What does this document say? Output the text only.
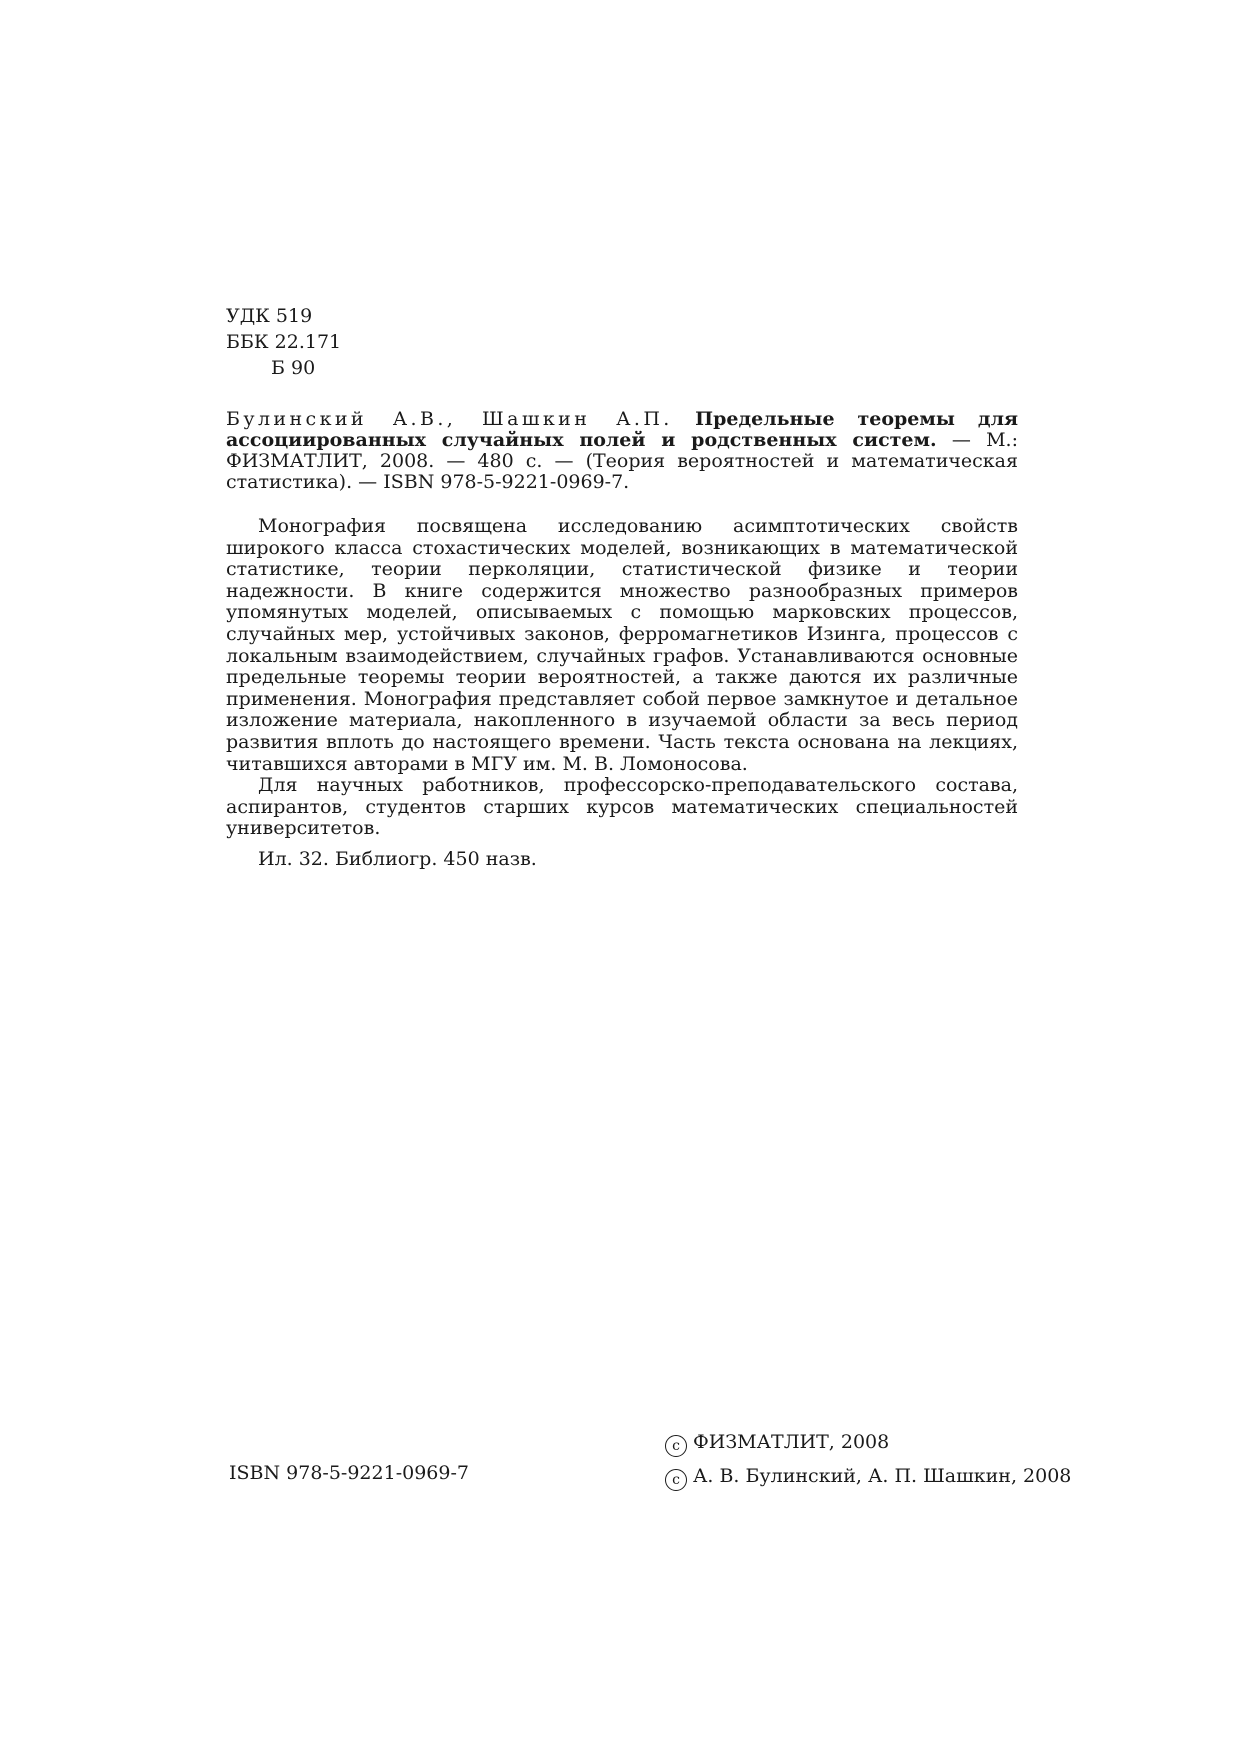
УДК 519
ББК 22.171
Б 90
Булинский А.В., Шашкин А.П. Предельные теоремы для ассоциированных случайных полей и родственных систем. — М.: ФИЗМАТЛИТ, 2008. — 480 с. — (Теория вероятностей и математическая статистика). — ISBN 978-5-9221-0969-7.

Монография посвящена исследованию асимптотических свойств широкого класса стохастических моделей, возникающих в математической статистике, теории перколяции, статистической физике и теории надежности. В книге содержится множество разнообразных примеров упомянутых моделей, описываемых с помощью марковских процессов, случайных мер, устойчивых законов, ферромагнетиков Изинга, процессов с локальным взаимодействием, случайных графов. Устанавливаются основные предельные теоремы теории вероятностей, а также даются их различные применения. Монография представляет собой первое замкнутое и детальное изложение материала, накопленного в изучаемой области за весь период развития вплоть до настоящего времени. Часть текста основана на лекциях, читавшихся авторами в МГУ им. М. В. Ломоносова.

Для научных работников, профессорско-преподавательского состава, аспирантов, студентов старших курсов математических специальностей университетов.

Ил. 32. Библиогр. 450 назв.

ISBN 978-5-9221-0969-7
c ФИЗМАТЛИТ, 2008
c А. В. Булинский, А. П. Шашкин, 2008
